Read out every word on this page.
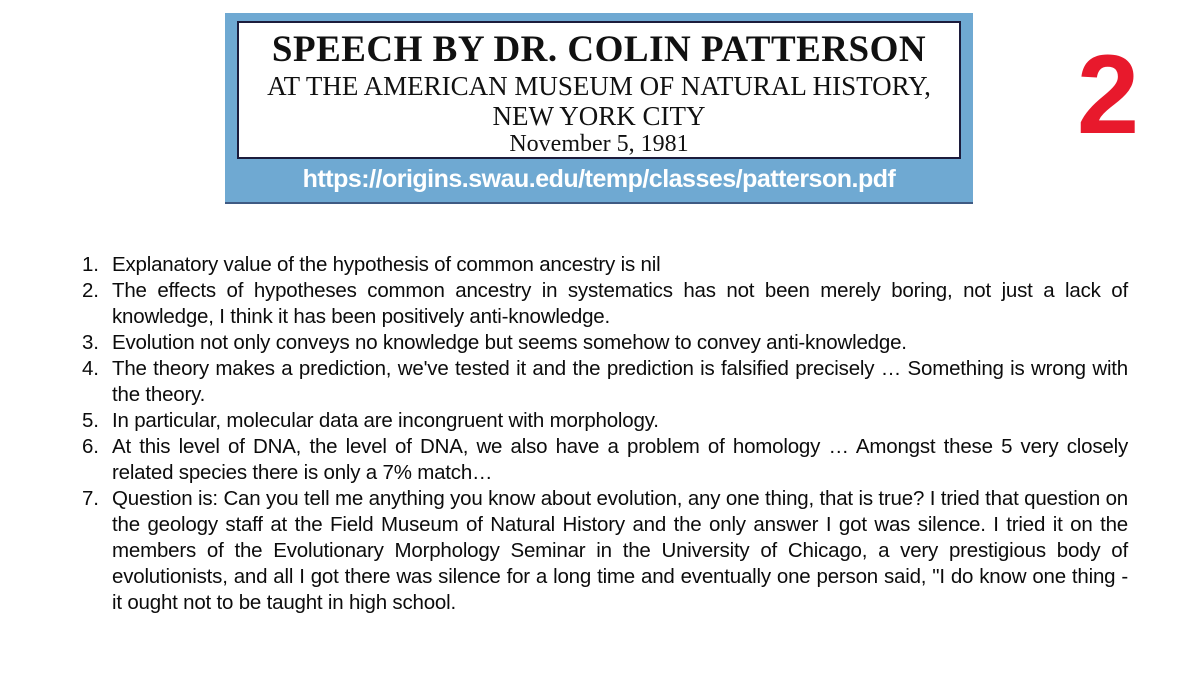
SPEECH BY DR. COLIN PATTERSON
AT THE AMERICAN MUSEUM OF NATURAL HISTORY,
NEW YORK CITY
November 5, 1981
https://origins.swau.edu/temp/classes/patterson.pdf
2
1. Explanatory value of the hypothesis of common ancestry is nil
2. The effects of hypotheses common ancestry in systematics has not been merely boring, not just a lack of knowledge, I think it has been positively anti-knowledge.
3. Evolution not only conveys no knowledge but seems somehow to convey anti-knowledge.
4. The theory makes a prediction, we've tested it and the prediction is falsified precisely … Something is wrong with the theory.
5. In particular, molecular data are incongruent with morphology.
6. At this level of DNA, the level of DNA, we also have a problem of homology … Amongst these 5 very closely related species there is only a 7% match…
7. Question is: Can you tell me anything you know about evolution, any one thing, that is true? I tried that question on the geology staff at the Field Museum of Natural History and the only answer I got was silence. I tried it on the members of the Evolutionary Morphology Seminar in the University of Chicago, a very prestigious body of evolutionists, and all I got there was silence for a long time and eventually one person said, "I do know one thing - it ought not to be taught in high school.
